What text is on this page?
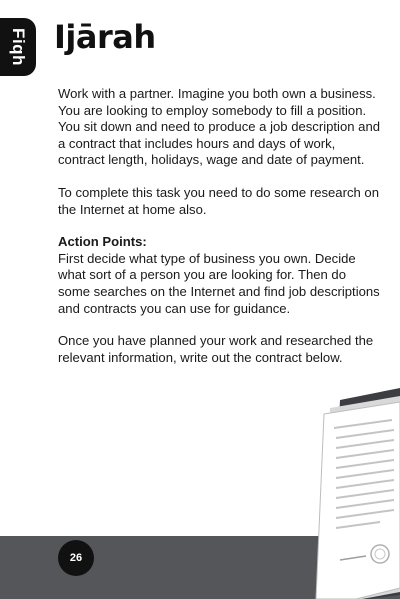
Fiqh Ijārah

Work with a partner. Imagine you both own a business. You are looking to employ somebody to fill a position. You sit down and need to produce a job description and a contract that includes hours and days of work, contract length, holidays, wage and date of payment.

To complete this task you need to do some research on the Internet at home also.

Action Points:
First decide what type of business you own. Decide what sort of a person you are looking for. Then do some searches on the Internet and find job descriptions and contracts you can use for guidance.

Once you have planned your work and researched the relevant information, write out the contract below.

26
